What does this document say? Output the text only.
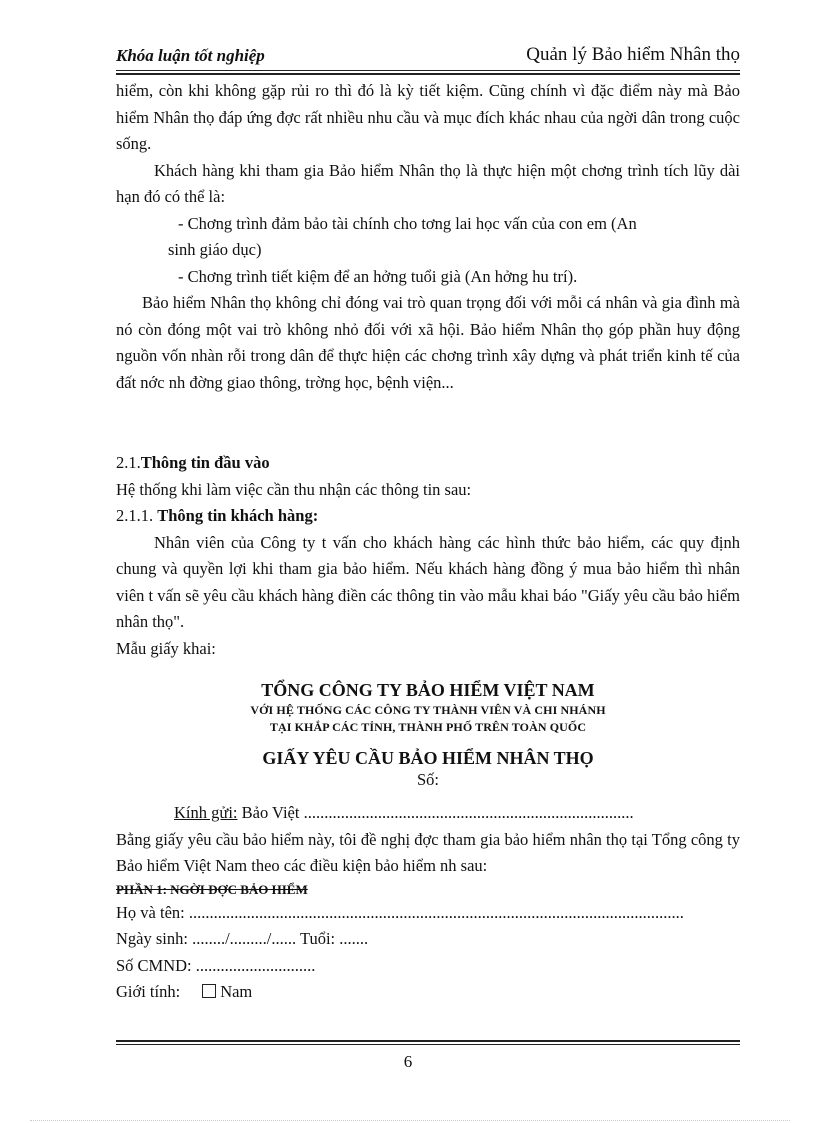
Khóa luận tốt nghiệp	Quản lý Bảo hiểm Nhân thọ

hiểm, còn khi không gặp rủi ro thì đó là kỳ tiết kiệm. Cũng chính vì đặc điểm này mà Bảo hiểm Nhân thọ đáp ứng đợc rất nhiều nhu cầu và mục đích khác nhau của ngời dân trong cuộc sống.

Khách hàng khi tham gia Bảo hiểm Nhân thọ là thực hiện một chơng trình tích lũy dài hạn đó có thể là:

- Chơng trình đảm bảo tài chính cho tơng lai học vấn của con em (An

sinh giáo dục)

- Chơng trình tiết kiệm để an hởng tuổi già (An hởng hu trí).

Bảo hiểm Nhân thọ không chỉ đóng vai trò quan trọng đối với mỗi cá nhân và gia đình mà nó còn đóng một vai trò không nhỏ đối với xã hội. Bảo hiểm Nhân thọ góp phần huy động nguồn vốn nhàn rỗi trong dân để thực hiện các chơng trình xây dựng và phát triển kinh tế của đất nớc nh đờng giao thông, trờng học, bệnh viện...

2.1.Thông tin đầu vào

Hệ thống khi làm việc cần thu nhận các thông tin sau:

2.1.1. Thông tin khách hàng:

Nhân viên của Công ty t vấn cho khách hàng các hình thức bảo hiểm, các quy định chung và quyền lợi khi tham gia bảo hiểm. Nếu khách hàng đồng ý mua bảo hiểm thì nhân viên t vấn sẽ yêu cầu khách hàng điền các thông tin vào mẫu khai báo "Giấy yêu cầu bảo hiểm nhân thọ".

Mẫu giấy khai:

TỔNG CÔNG TY BẢO HIỂM VIỆT NAM
VỚI HỆ THỐNG CÁC CÔNG TY THÀNH VIÊN VÀ CHI NHÁNH
TẠI KHẮP CÁC TỈNH, THÀNH PHỐ TRÊN TOÀN QUỐC
GIẤY YÊU CẦU BẢO HIỂM NHÂN THỌ
Số:

Kính gửi: Bảo Việt ................................................................................

Bằng giấy yêu cầu bảo hiểm này, tôi đề nghị đợc tham gia bảo hiểm nhân thọ tại Tổng công ty Bảo hiểm Việt Nam theo các điều kiện bảo hiểm nh sau:

PHẦN 1: NGỜI ĐỢC BẢO HIỂM

Họ và tên: ........................................................................................................................

Ngày sinh: ......../........./...... Tuổi: .......

Số CMND: .............................

Giới tính: Nam

6
